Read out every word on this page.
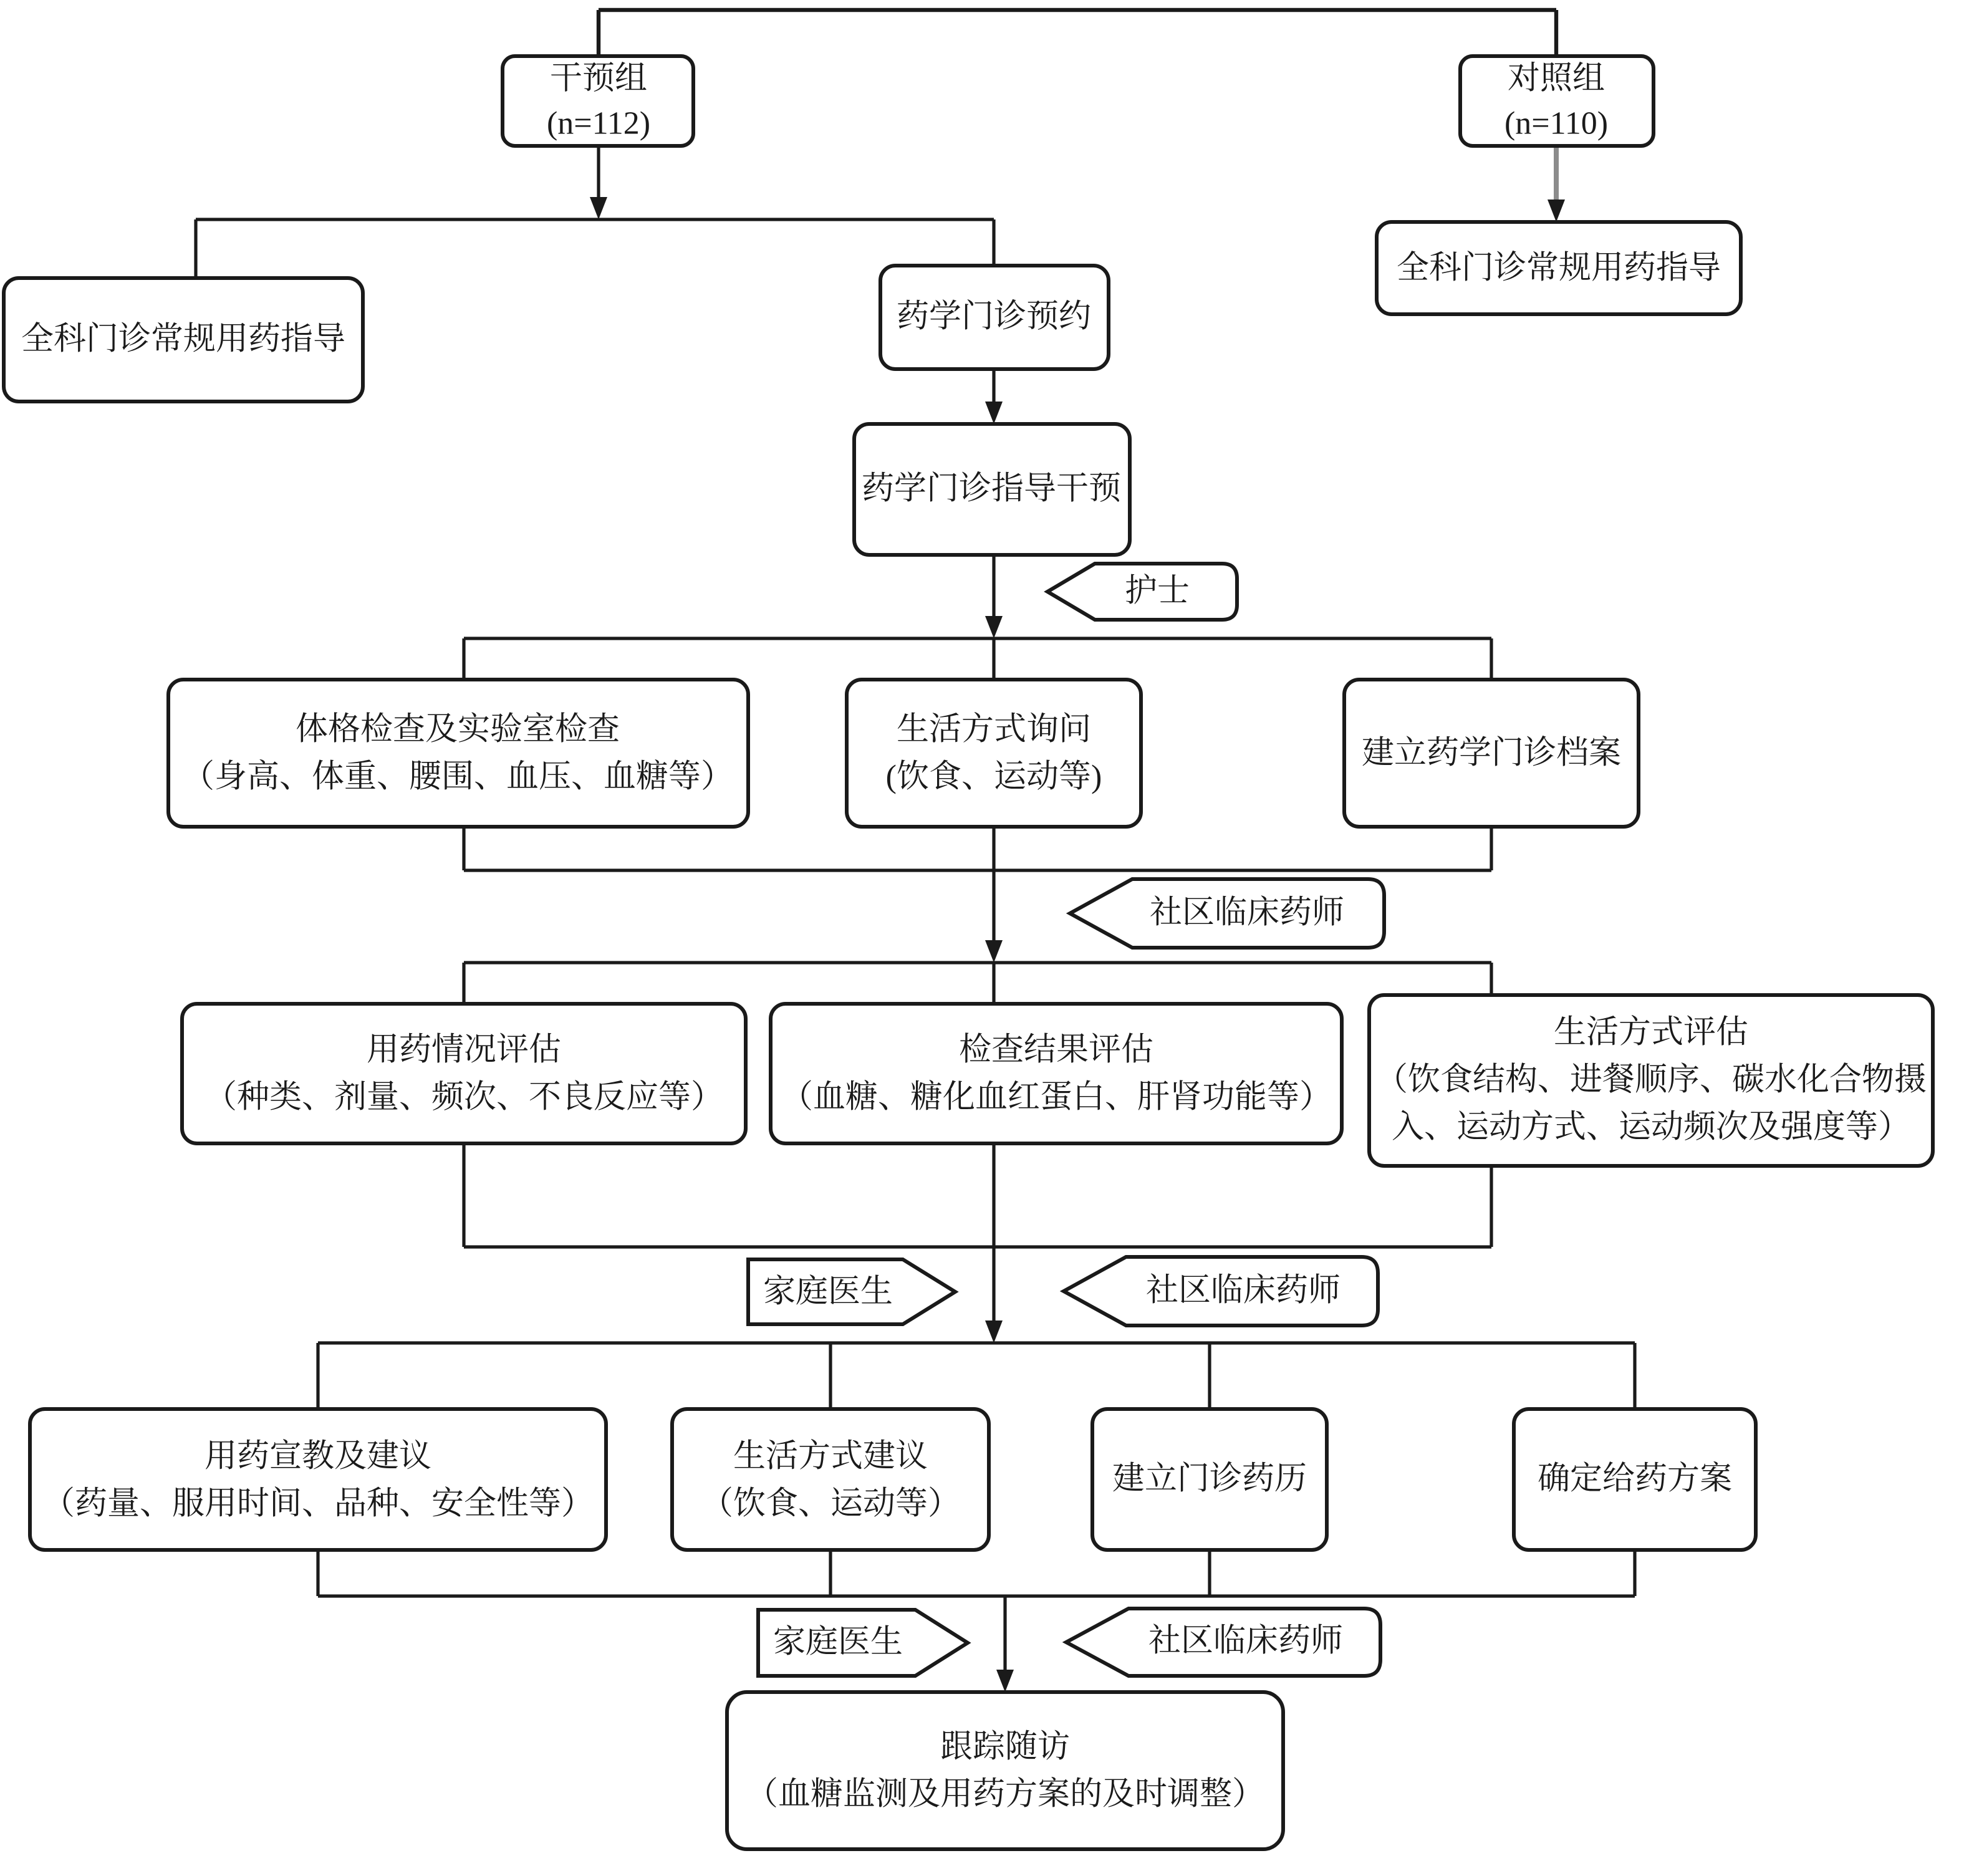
干预组
(n=112)
对照组
(n=110)
全科门诊常规用药指导
药学门诊预约
全科门诊常规用药指导
药学门诊指导干预
体格检查及实验室检查
（身高、体重、腰围、血压、血糖等）
生活方式询问
(饮食、运动等)
建立药学门诊档案
用药情况评估
（种类、剂量、频次、不良反应等）
检查结果评估
（血糖、糖化血红蛋白、肝肾功能等）
生活方式评估
（饮食结构、进餐顺序、碳水化合物摄
入、运动方式、运动频次及强度等）
用药宣教及建议
（药量、服用时间、品种、安全性等）
生活方式建议
（饮食、运动等）
建立门诊药历	确定给药方案
跟踪随访
（血糖监测及用药方案的及时调整）
护士
社区临床药师
家庭医生	社区临床药师
家庭医生	社区临床药师
